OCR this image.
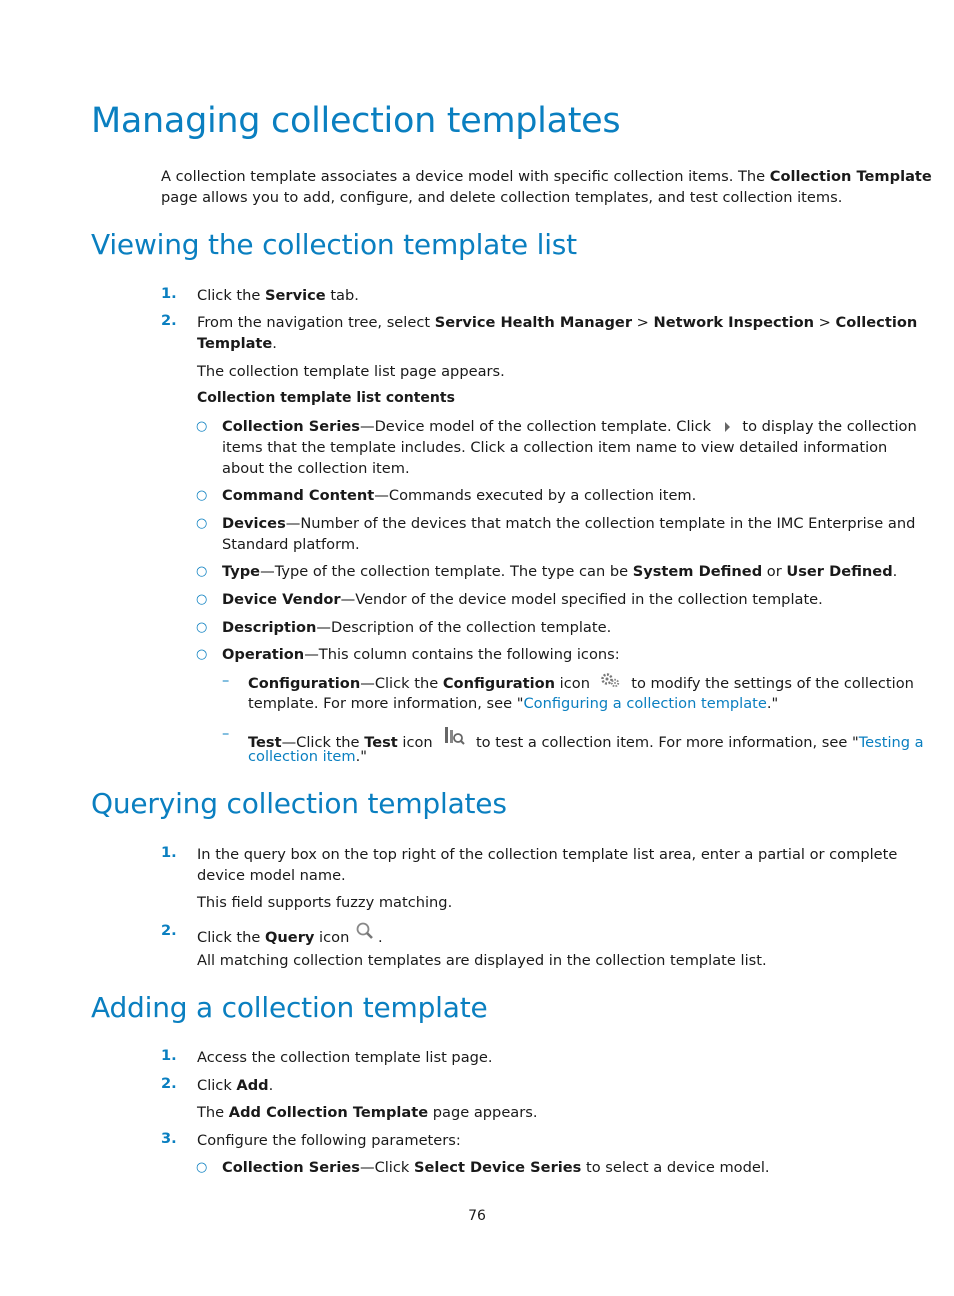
Managing collection templates
A collection template associates a device model with specific collection items. The Collection Template
page allows you to add, configure, and delete collection templates, and test collection items.
Viewing the collection template list
1. Click the Service tab.
2. From the navigation tree, select Service Health Manager > Network Inspection > Collection
Template.
The collection template list page appears.
Collection template list contents
○ Collection Series—Device model of the collection template. Click
to display the collection
items that the template includes. Click a collection item name to view detailed information
about the collection item.
○ Command Content—Commands executed by a collection item.
○ Devices—Number of the devices that match the collection template in the IMC Enterprise and
Standard platform.
○ Type—Type of the collection template. The type can be System Defined or User Defined.
○ Device Vendor—Vendor of the device model specified in the collection template.
○ Description—Description of the collection template.
○ Operation—This column contains the following icons:
– Configuration—Click the Configuration icon
to modify the settings of the collection
template. For more information, see "Configuring a collection template."
–
Test—Click the Test icon
to test a collection item. For more information, see "Testing a
collection item."
Querying collection templates
1. In the query box on the top right of the collection template list area, enter a partial or complete
device model name.
This field supports fuzzy matching.
2. Click the Query icon
.
All matching collection templates are displayed in the collection template list.
Adding a collection template
1. Access the collection template list page.
2. Click Add.
The Add Collection Template page appears.
3. Configure the following parameters:
○ Collection Series—Click Select Device Series to select a device model.
76
